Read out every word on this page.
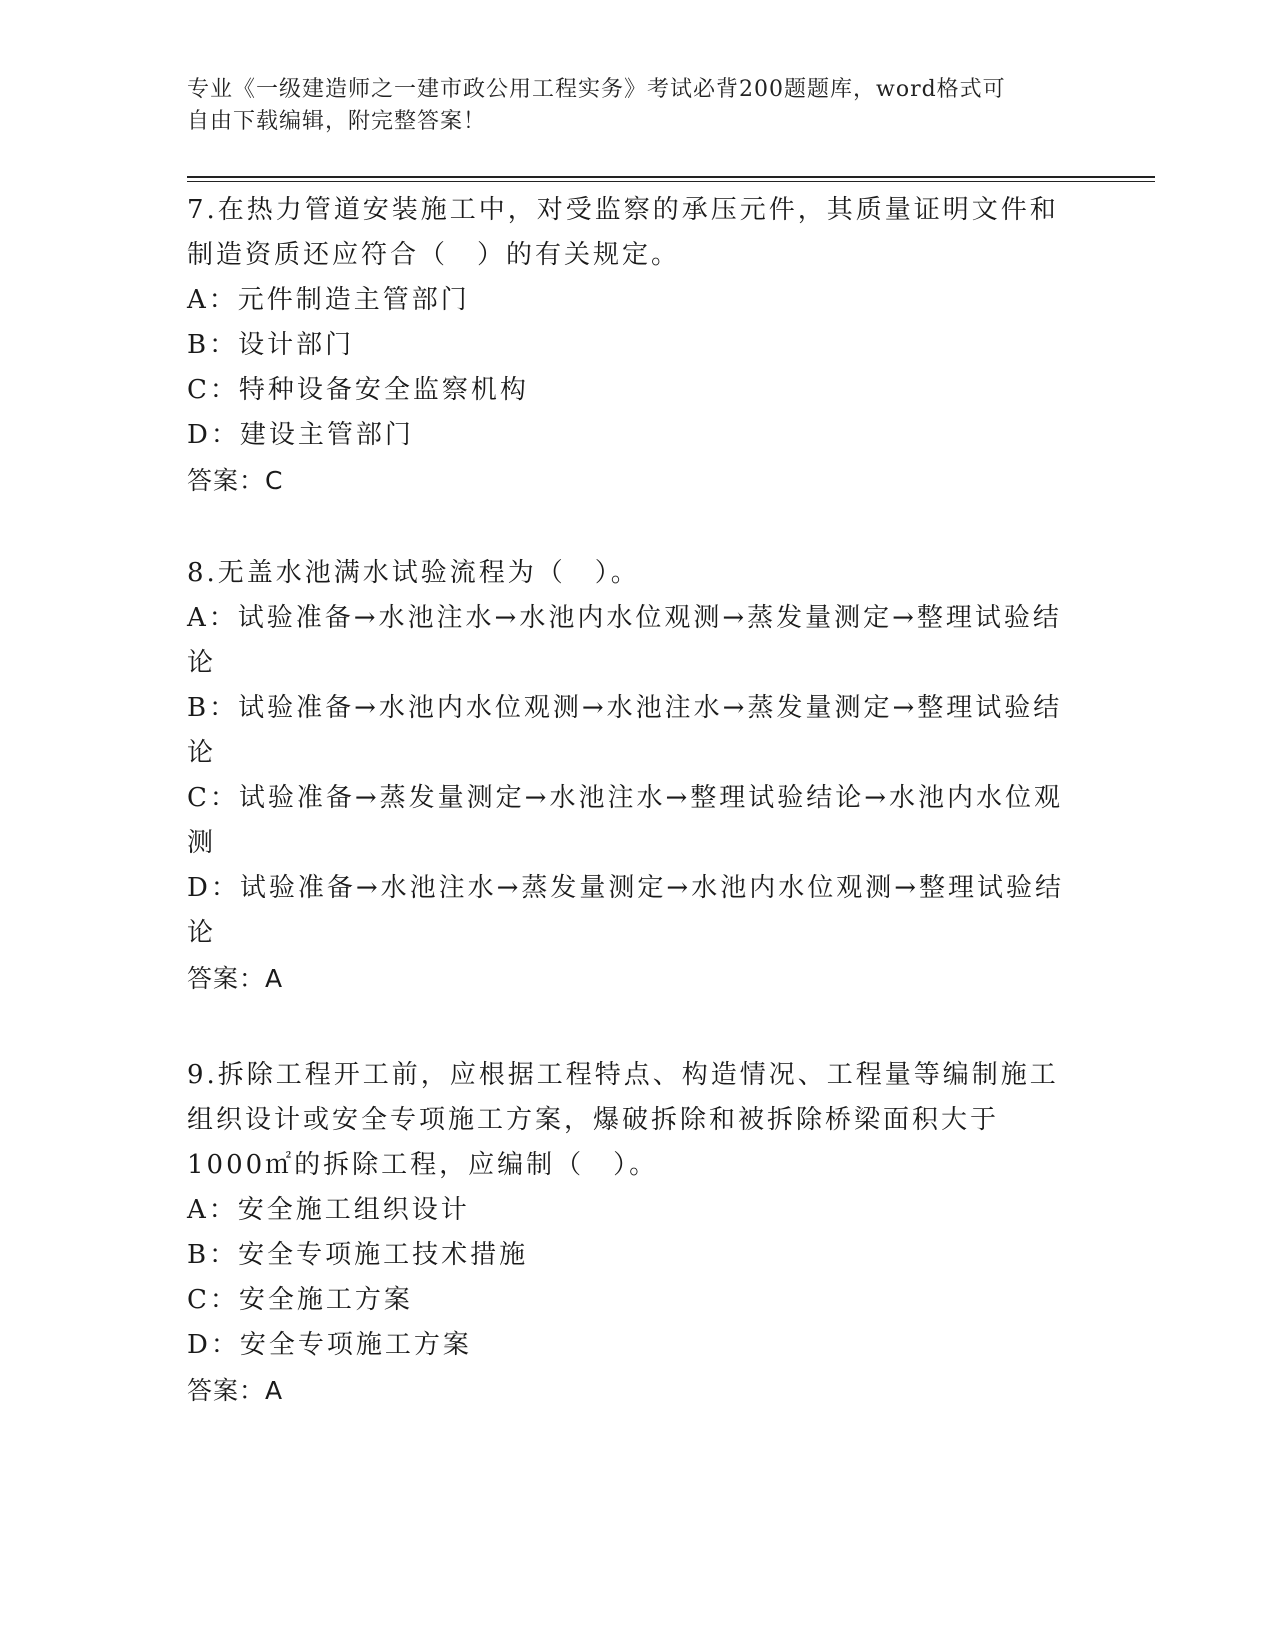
专业《一级建造师之一建市政公用工程实务》考试必背200题题库，word格式可
自由下载编辑，附完整答案！
7.在热力管道安装施工中，对受监察的承压元件，其质量证明文件和制造资质还应符合（　）的有关规定。
A：元件制造主管部门
B：设计部门
C：特种设备安全监察机构
D：建设主管部门
答案：C
8.无盖水池满水试验流程为（　）。
A：试验准备→水池注水→水池内水位观测→蒸发量测定→整理试验结论
B：试验准备→水池内水位观测→水池注水→蒸发量测定→整理试验结论
C：试验准备→蒸发量测定→水池注水→整理试验结论→水池内水位观测
D：试验准备→水池注水→蒸发量测定→水池内水位观测→整理试验结论
答案：A
9.拆除工程开工前，应根据工程特点、构造情况、工程量等编制施工组织设计或安全专项施工方案，爆破拆除和被拆除桥梁面积大于1000㎡的拆除工程，应编制（　）。
A：安全施工组织设计
B：安全专项施工技术措施
C：安全施工方案
D：安全专项施工方案
答案：A
